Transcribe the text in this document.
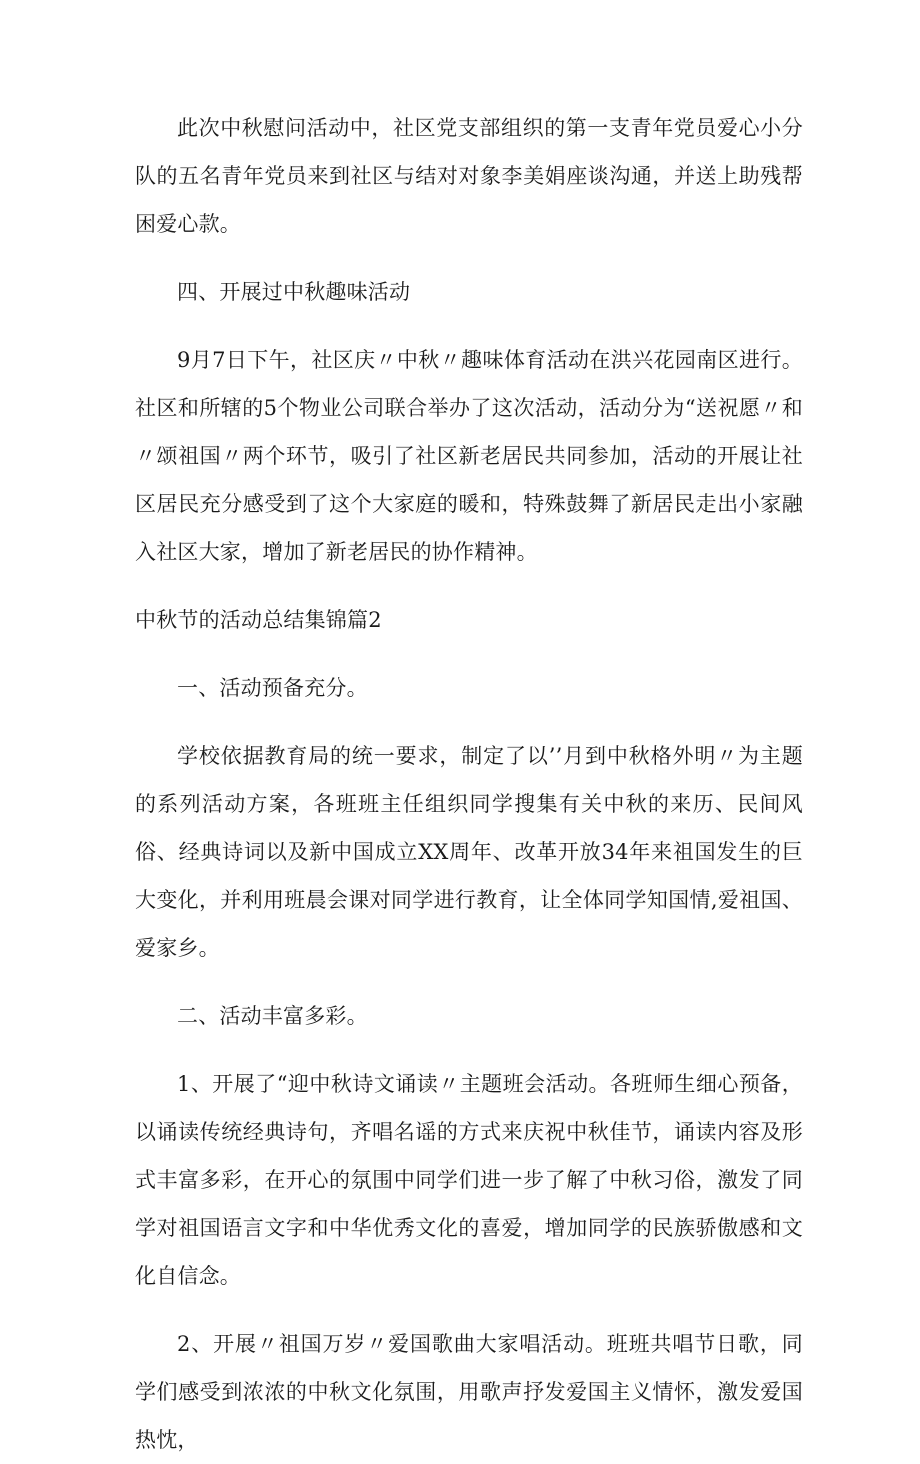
此次中秋慰问活动中，社区党支部组织的第一支青年党员爱心小分队的五名青年党员来到社区与结对对象李美娟座谈沟通，并送上助残帮困爱心款。

四、开展过中秋趣味活动

9月7日下午，社区庆〃中秋〃趣味体育活动在洪兴花园南区进行。社区和所辖的5个物业公司联合举办了这次活动，活动分为“送祝愿〃和〃颂祖国〃两个环节，吸引了社区新老居民共同参加，活动的开展让社区居民充分感受到了这个大家庭的暖和，特殊鼓舞了新居民走出小家融入社区大家，增加了新老居民的协作精神。

中秋节的活动总结集锦篇2

一、活动预备充分。

学校依据教育局的统一要求，制定了以’’月到中秋格外明〃为主题的系列活动方案，各班班主任组织同学搜集有关中秋的来历、民间风俗、经典诗词以及新中国成立XX周年、改革开放34年来祖国发生的巨大变化，并利用班晨会课对同学进行教育，让全体同学知国情,爱祖国、爱家乡。

二、活动丰富多彩。

1、开展了“迎中秋诗文诵读〃主题班会活动。各班师生细心预备，以诵读传统经典诗句，齐唱名谣的方式来庆祝中秋佳节，诵读内容及形式丰富多彩，在开心的氛围中同学们进一步了解了中秋习俗，激发了同学对祖国语言文字和中华优秀文化的喜爱，增加同学的民族骄傲感和文化自信念。

2、开展〃祖国万岁〃爱国歌曲大家唱活动。班班共唱节日歌，同学们感受到浓浓的中秋文化氛围，用歌声抒发爱国主义情怀，激发爱国热忱，
